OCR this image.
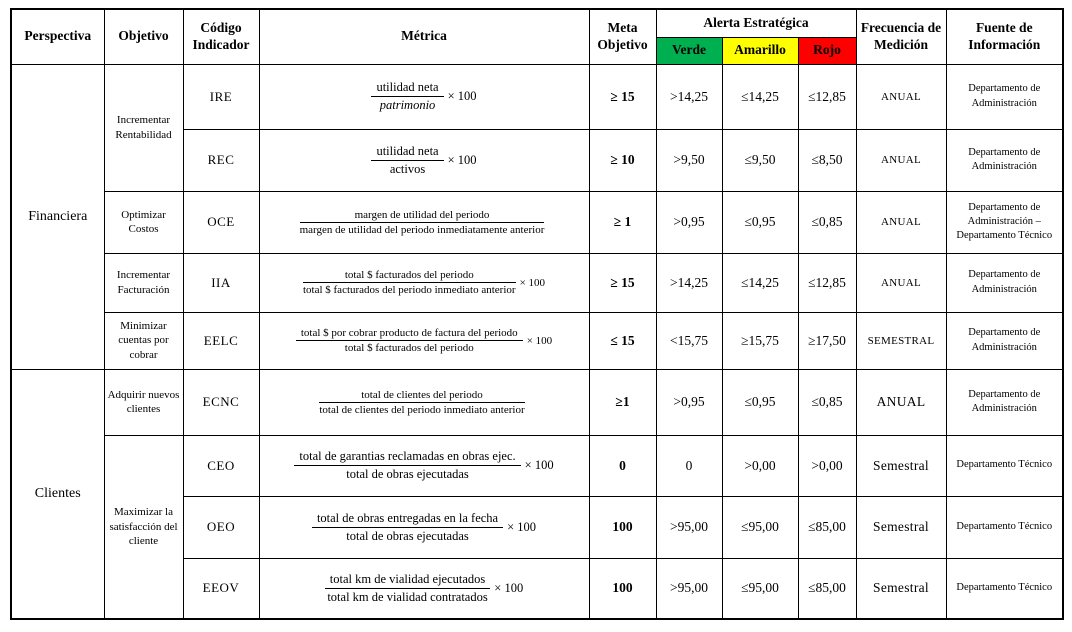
Perspectiva	Objetivo	Código Indicador	Métrica	Meta Objetivo	Alerta Estratégica			Frecuencia de Medición	Fuente de Información
					Verde	Amarillo	Rojo		
Financiera	Incrementar Rentabilidad	IRE	$\frac{\text{utilidad neta}}{\text{patrimonio}} \times 100$	≥ 15	>14,25	≤14,25	≤12,85	ANUAL	Departamento de Administración
		REC	$\frac{\text{utilidad neta}}{\text{activos}} \times 100$	≥ 10	>9,50	≤9,50	≤8,50	ANUAL	Departamento de Administración
	Optimizar Costos	OCE	$\frac{\text{margen de utilidad del periodo}}{\text{margen de utilidad del periodo inmediatamente anterior}}$	≥ 1	>0,95	≤0,95	≤0,85	ANUAL	Departamento de Administración – Departamento Técnico
	Incrementar Facturación	IIA	$\frac{\text{total \$ facturados del periodo}}{\text{total \$ facturados del periodo inmediato anterior}} \times 100$	≥ 15	>14,25	≤14,25	≤12,85	ANUAL	Departamento de Administración
	Minimizar cuentas por cobrar	EELC	$\frac{\text{total \$ por cobrar producto de factura del periodo}}{\text{total \$ facturados del periodo}} \times 100$	≤ 15	<15,75	≥15,75	≥17,50	SEMESTRAL	Departamento de Administración
Clientes	Adquirir nuevos clientes	ECNC	$\frac{\text{total de clientes del periodo}}{\text{total de clientes del periodo inmediato anterior}}$	≥1	>0,95	≤0,95	≤0,85	ANUAL	Departamento de Administración
	Maximizar la satisfacción del cliente	CEO	$\frac{\text{total de garantias reclamadas en obras ejec.}}{\text{total de obras ejecutadas}} \times 100$	0	0	>0,00	>0,00	Semestral	Departamento Técnico
		OEO	$\frac{\text{total de obras entregadas en la fecha}}{\text{total de obras ejecutadas}} \times 100$	100	>95,00	≤95,00	≤85,00	Semestral	Departamento Técnico
		EEOV	$\frac{\text{total km de vialidad ejecutados}}{\text{total km de vialidad contratados}} \times 100$	100	>95,00	≤95,00	≤85,00	Semestral	Departamento Técnico
